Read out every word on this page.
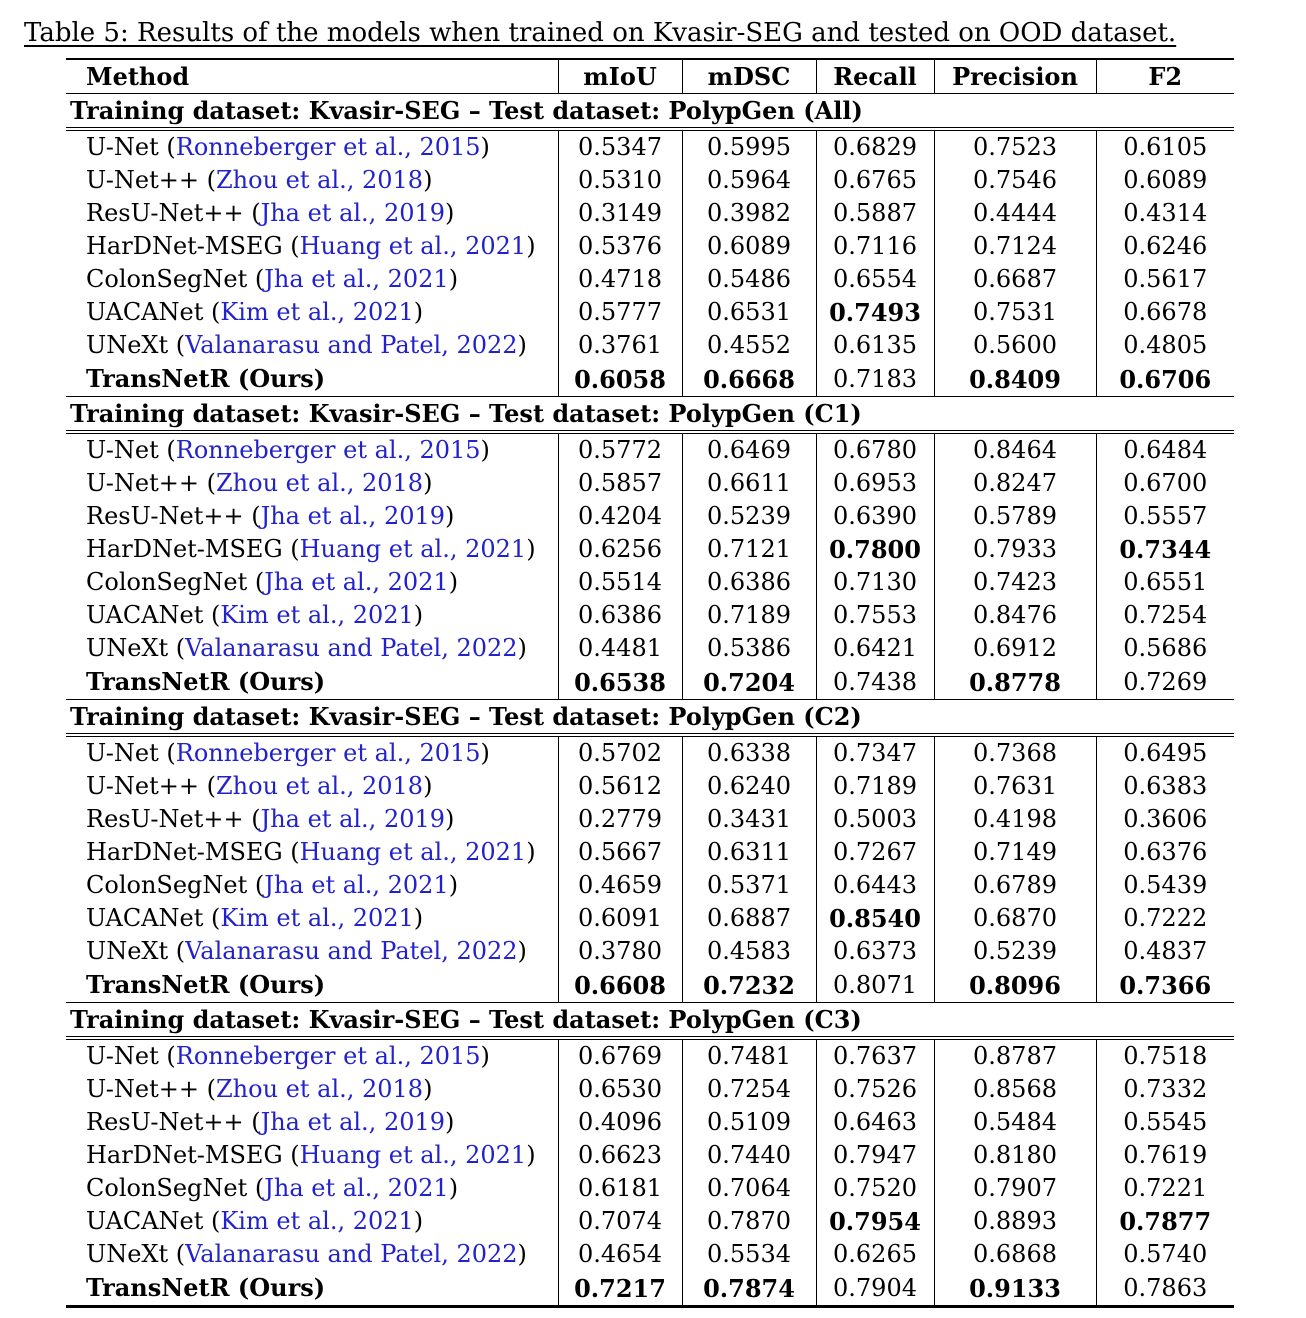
Table 5: Results of the models when trained on Kvasir-SEG and tested on OOD dataset.
Method	mIoU	mDSC	Recall	Precision	F2
Training dataset: Kvasir-SEG – Test dataset: PolypGen (All)					
U-Net (Ronneberger et al., 2015)	0.5347	0.5995	0.6829	0.7523	0.6105
U-Net++ (Zhou et al., 2018)	0.5310	0.5964	0.6765	0.7546	0.6089
ResU-Net++ (Jha et al., 2019)	0.3149	0.3982	0.5887	0.4444	0.4314
HarDNet-MSEG (Huang et al., 2021)	0.5376	0.6089	0.7116	0.7124	0.6246
ColonSegNet (Jha et al., 2021)	0.4718	0.5486	0.6554	0.6687	0.5617
UACANet (Kim et al., 2021)	0.5777	0.6531	0.7493	0.7531	0.6678
UNeXt (Valanarasu and Patel, 2022)	0.3761	0.4552	0.6135	0.5600	0.4805
TransNetR (Ours)	0.6058	0.6668	0.7183	0.8409	0.6706
Training dataset: Kvasir-SEG – Test dataset: PolypGen (C1)					
U-Net (Ronneberger et al., 2015)	0.5772	0.6469	0.6780	0.8464	0.6484
U-Net++ (Zhou et al., 2018)	0.5857	0.6611	0.6953	0.8247	0.6700
ResU-Net++ (Jha et al., 2019)	0.4204	0.5239	0.6390	0.5789	0.5557
HarDNet-MSEG (Huang et al., 2021)	0.6256	0.7121	0.7800	0.7933	0.7344
ColonSegNet (Jha et al., 2021)	0.5514	0.6386	0.7130	0.7423	0.6551
UACANet (Kim et al., 2021)	0.6386	0.7189	0.7553	0.8476	0.7254
UNeXt (Valanarasu and Patel, 2022)	0.4481	0.5386	0.6421	0.6912	0.5686
TransNetR (Ours)	0.6538	0.7204	0.7438	0.8778	0.7269
Training dataset: Kvasir-SEG – Test dataset: PolypGen (C2)					
U-Net (Ronneberger et al., 2015)	0.5702	0.6338	0.7347	0.7368	0.6495
U-Net++ (Zhou et al., 2018)	0.5612	0.6240	0.7189	0.7631	0.6383
ResU-Net++ (Jha et al., 2019)	0.2779	0.3431	0.5003	0.4198	0.3606
HarDNet-MSEG (Huang et al., 2021)	0.5667	0.6311	0.7267	0.7149	0.6376
ColonSegNet (Jha et al., 2021)	0.4659	0.5371	0.6443	0.6789	0.5439
UACANet (Kim et al., 2021)	0.6091	0.6887	0.8540	0.6870	0.7222
UNeXt (Valanarasu and Patel, 2022)	0.3780	0.4583	0.6373	0.5239	0.4837
TransNetR (Ours)	0.6608	0.7232	0.8071	0.8096	0.7366
Training dataset: Kvasir-SEG – Test dataset: PolypGen (C3)					
U-Net (Ronneberger et al., 2015)	0.6769	0.7481	0.7637	0.8787	0.7518
U-Net++ (Zhou et al., 2018)	0.6530	0.7254	0.7526	0.8568	0.7332
ResU-Net++ (Jha et al., 2019)	0.4096	0.5109	0.6463	0.5484	0.5545
HarDNet-MSEG (Huang et al., 2021)	0.6623	0.7440	0.7947	0.8180	0.7619
ColonSegNet (Jha et al., 2021)	0.6181	0.7064	0.7520	0.7907	0.7221
UACANet (Kim et al., 2021)	0.7074	0.7870	0.7954	0.8893	0.7877
UNeXt (Valanarasu and Patel, 2022)	0.4654	0.5534	0.6265	0.6868	0.5740
TransNetR (Ours)	0.7217	0.7874	0.7904	0.9133	0.7863
